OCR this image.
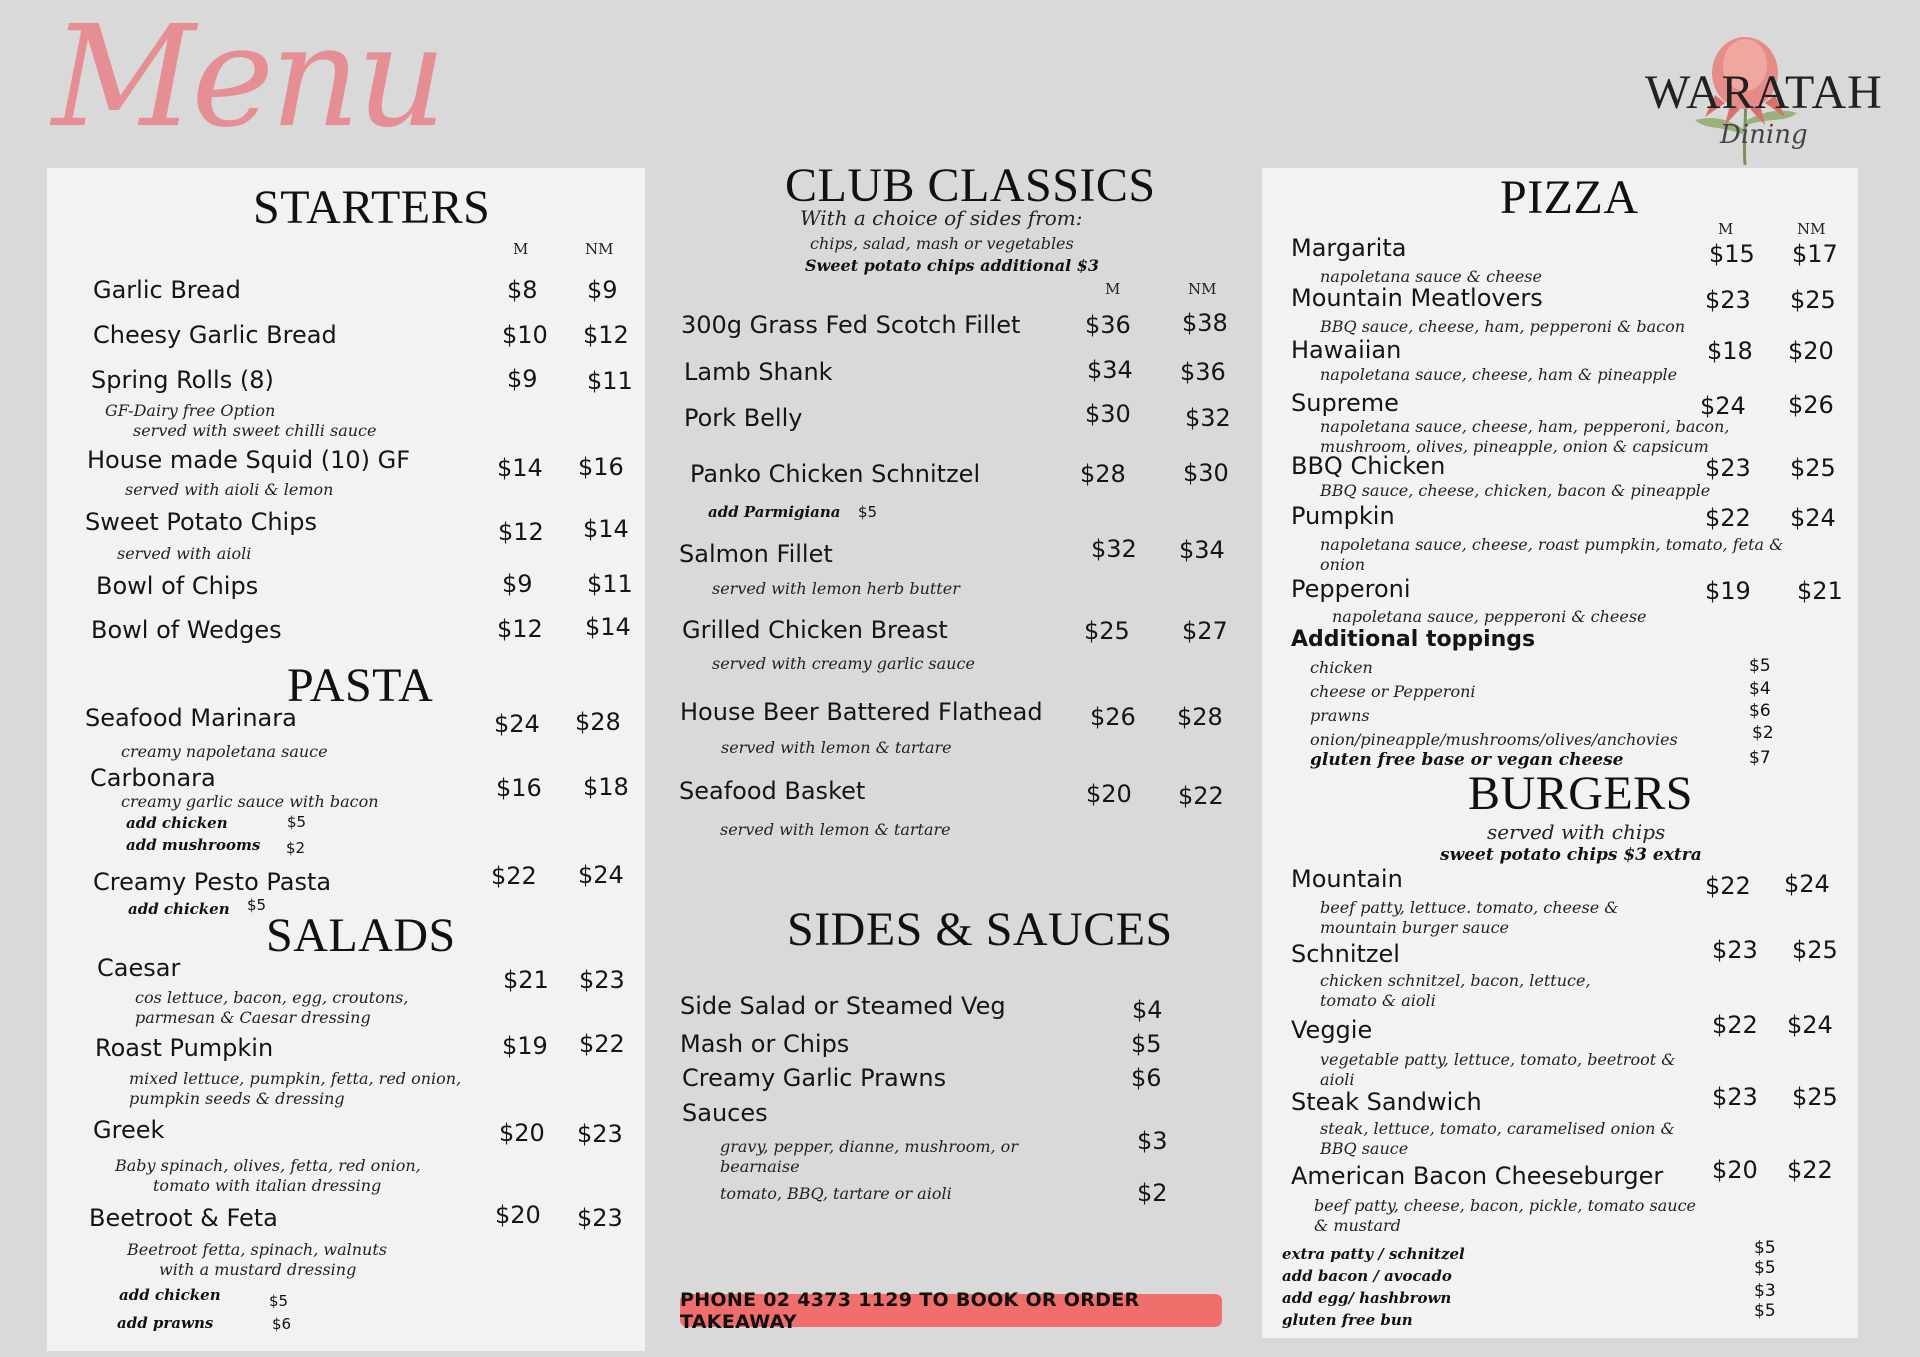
Menu	WARATAH
Dining
STARTERS
M	NM
Garlic Bread	$8 $9
Cheesy Garlic Bread	$10 $12
Spring Rolls (8)	$9 $11
GF-Dairy free Option
served with sweet chilli sauce
House made Squid (10) GF	$14 $16
served with aioli & lemon
Sweet Potato Chips	$12 $14
served with aioli
Bowl of Chips	$9 $11
Bowl of Wedges	$12 $14
PASTA
Seafood Marinara	$24 $28
creamy napoletana sauce
Carbonara	$16 $18
creamy garlic sauce with bacon
add chicken	$5
add mushrooms $2
Creamy Pesto Pasta	$22 $24
add chicken $5
SALADS
Caesar	$21 $23
cos lettuce, bacon, egg, croutons,
parmesan & Caesar dressing
Roast Pumpkin	$19 $22
mixed lettuce, pumpkin, fetta, red onion,
pumpkin seeds & dressing
Greek	$20 $23
Baby spinach, olives, fetta, red onion,
tomato with italian dressing
Beetroot & Feta	$20 $23
Beetroot fetta, spinach, walnuts
with a mustard dressing
add chicken	$5
add prawns	$6
CLUB CLASSICS
With a choice of sides from:
chips, salad, mash or vegetables
Sweet potato chips additional $3
M	NM
300g Grass Fed Scotch Fillet	$36 $38
Lamb Shank	$34 $36
Pork Belly	$30 $32
Panko Chicken Schnitzel	$28 $30
add Parmigiana $5
Salmon Fillet	$32 $34
served with lemon herb butter
Grilled Chicken Breast	$25 $27
served with creamy garlic sauce
House Beer Battered Flathead $26 $28
served with lemon & tartare
Seafood Basket	$20 $22
served with lemon & tartare
SIDES & SAUCES
Side Salad or Steamed Veg	$4
Mash or Chips	$5
Creamy Garlic Prawns	$6
Sauces
gravy, pepper, dianne, mushroom, or
bearnaise
$3
tomato, BBQ, tartare or aioli	$2
PHONE 02 4373 1129 TO BOOK OR ORDER TAKEAWAY
PIZZA
M	NM
Margarita	$15 $17
napoletana sauce & cheese
Mountain Meatlovers	$23 $25
BBQ sauce, cheese, ham, pepperoni & bacon
Hawaiian	$18 $20
napoletana sauce, cheese, ham & pineapple
Supreme	$24 $26
napoletana sauce, cheese, ham, pepperoni, bacon,
mushroom, olives, pineapple, onion & capsicum
BBQ Chicken	$23 $25
BBQ sauce, cheese, chicken, bacon & pineapple
Pumpkin	$22 $24
napoletana sauce, cheese, roast pumpkin, tomato, feta &
onion
Pepperoni	$19 $21
napoletana sauce, pepperoni & cheese
Additional toppings
chicken	$5
cheese or Pepperoni	$4
prawns	$6
onion/pineapple/mushrooms/olives/anchovies	$2
gluten free base or vegan cheese	$7
BURGERS
served with chips
sweet potato chips $3 extra
Mountain	$22 $24
beef patty, lettuce. tomato, cheese &
mountain burger sauce
Schnitzel	$23 $25
chicken schnitzel, bacon, lettuce,
tomato & aioli
Veggie	$22 $24
vegetable patty, lettuce, tomato, beetroot &
aioli
Steak Sandwich	$23 $25
steak, lettuce, tomato, caramelised onion &
BBQ sauce
American Bacon Cheeseburger $20 $22
beef patty, cheese, bacon, pickle, tomato sauce
& mustard
extra patty / schnitzel	$5
add bacon / avocado	$5
add egg/ hashbrown	$3
gluten free bun	$5
